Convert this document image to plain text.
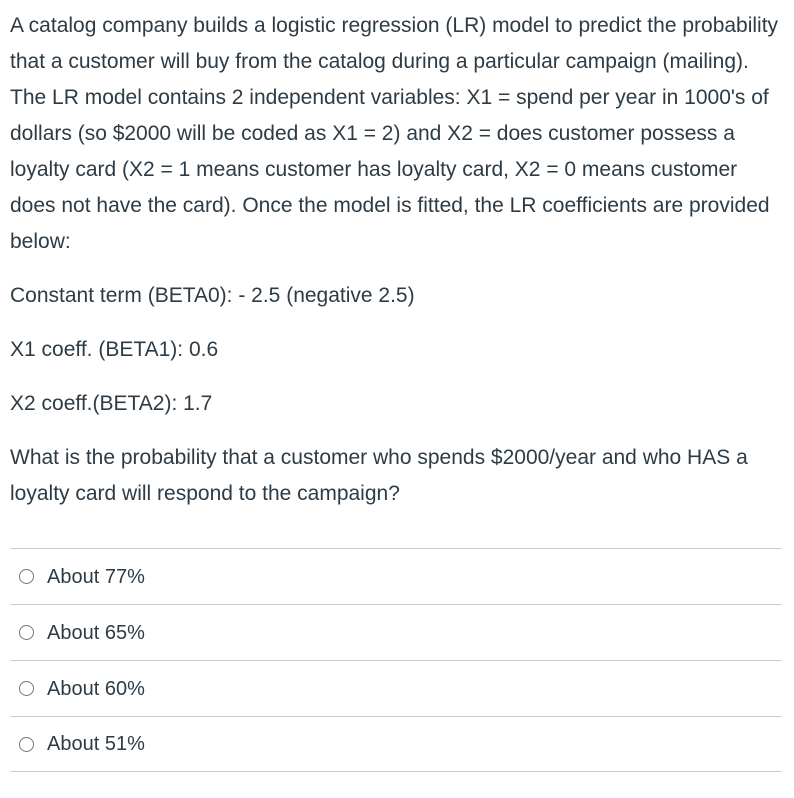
A catalog company builds a logistic regression (LR) model to predict the probability that a customer will buy from the catalog during a particular campaign (mailing). The LR model contains 2 independent variables: X1 = spend per year in 1000's of dollars (so $2000 will be coded as X1 = 2) and X2 = does customer possess a loyalty card (X2 = 1 means customer has loyalty card, X2 = 0 means customer does not have the card). Once the model is fitted, the LR coefficients are provided below:

Constant term (BETA0): - 2.5 (negative 2.5)

X1 coeff. (BETA1): 0.6

X2 coeff.(BETA2): 1.7

What is the probability that a customer who spends $2000/year and who HAS a loyalty card will respond to the campaign?

About 77%
About 65%
About 60%
About 51%
